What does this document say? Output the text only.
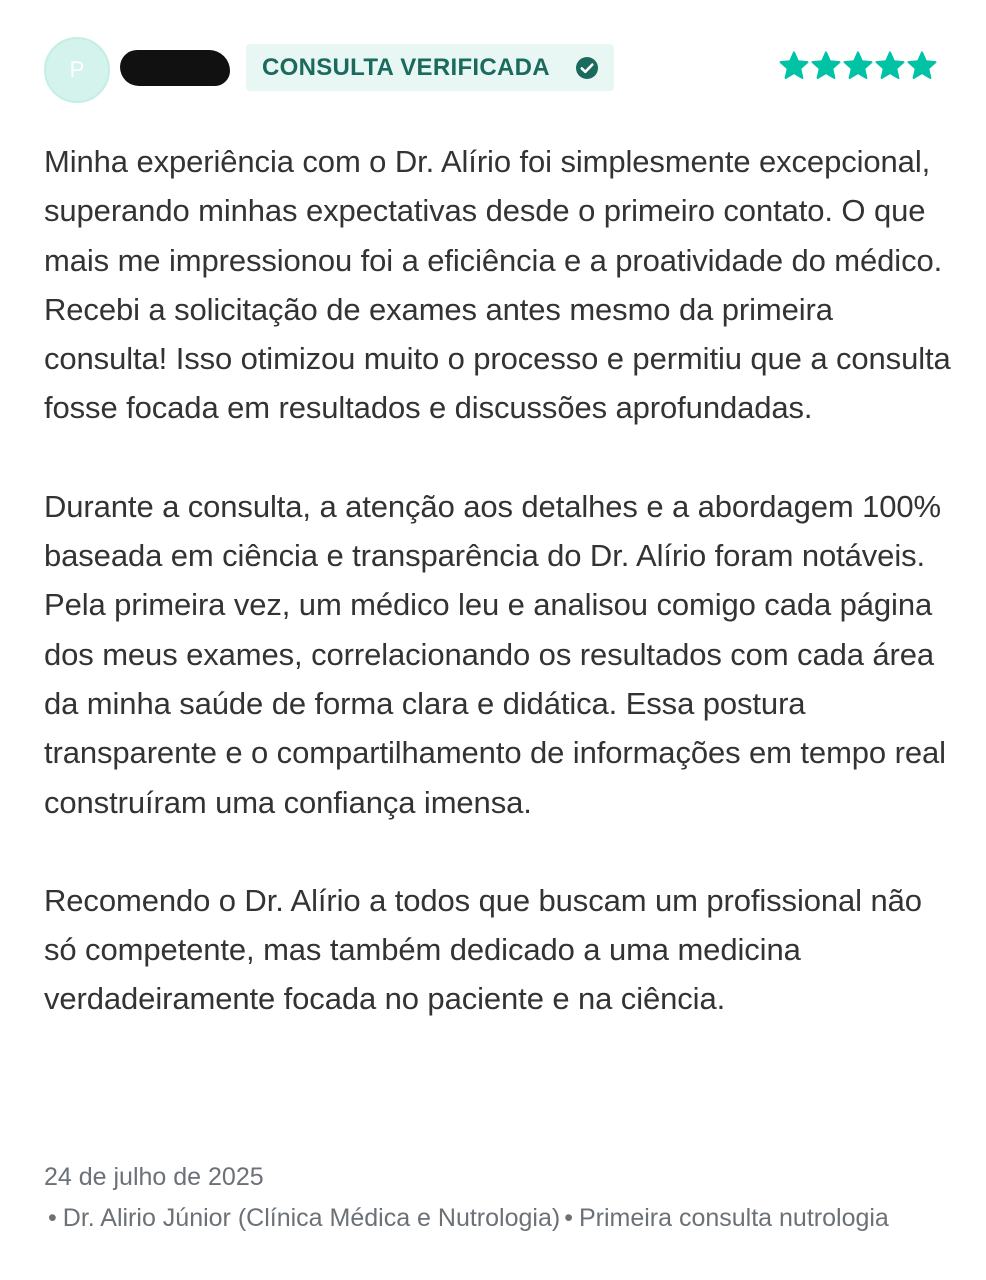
P	CONSULTA VERIFICADA

Minha experiência com o Dr. Alírio foi simplesmente excepcional, superando minhas expectativas desde o primeiro contato. O que mais me impressionou foi a eficiência e a proatividade do médico. Recebi a solicitação de exames antes mesmo da primeira consulta! Isso otimizou muito o processo e permitiu que a consulta fosse focada em resultados e discussões aprofundadas.

Durante a consulta, a atenção aos detalhes e a abordagem 100% baseada em ciência e transparência do Dr. Alírio foram notáveis. Pela primeira vez, um médico leu e analisou comigo cada página dos meus exames, correlacionando os resultados com cada área da minha saúde de forma clara e didática. Essa postura transparente e o compartilhamento de informações em tempo real construíram uma confiança imensa.

Recomendo o Dr. Alírio a todos que buscam um profissional não só competente, mas também dedicado a uma medicina verdadeiramente focada no paciente e na ciência.

24 de julho de 2025
• Dr. Alirio Júnior (Clínica Médica e Nutrologia) • Primeira consulta nutrologia
